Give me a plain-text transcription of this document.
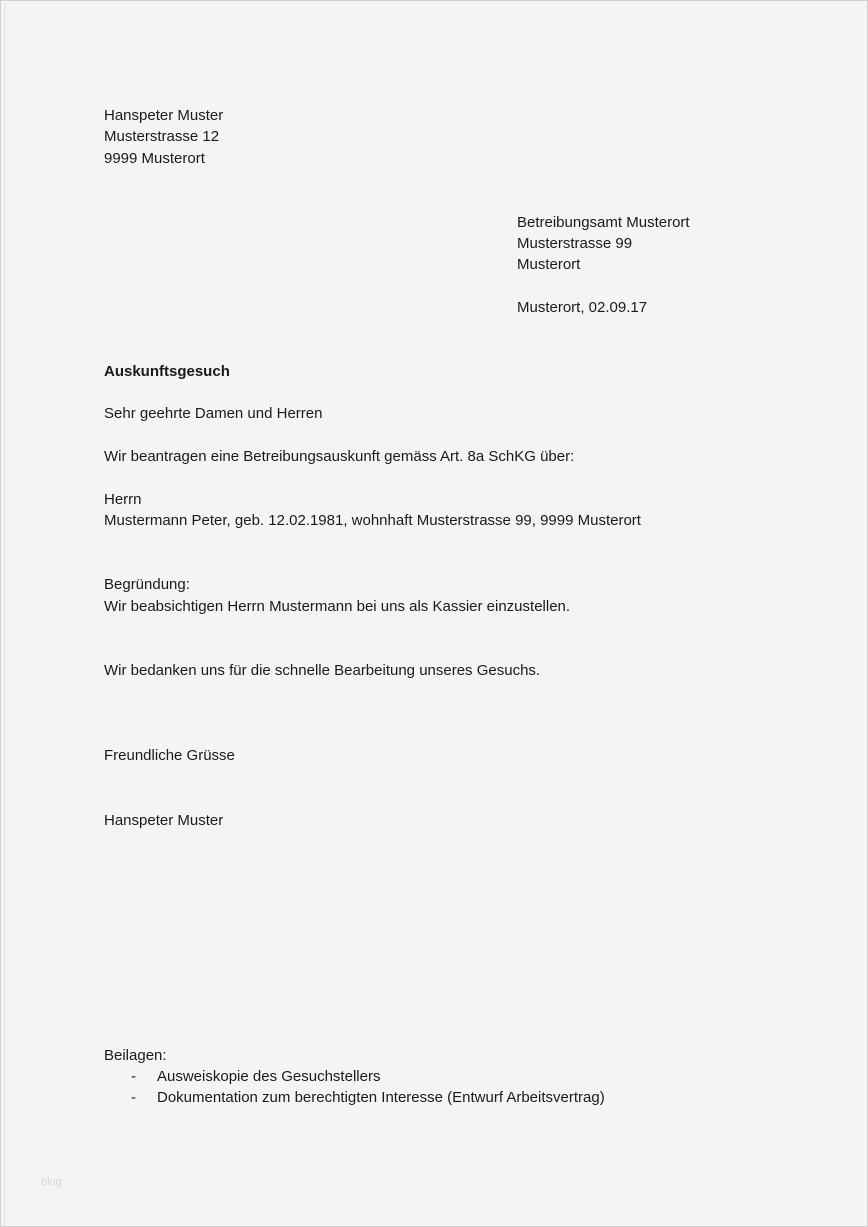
Hanspeter Muster
Musterstrasse 12
9999 Musterort
Betreibungsamt Musterort
Musterstrasse 99
Musterort
Musterort, 02.09.17
Auskunftsgesuch
Sehr geehrte Damen und Herren
Wir beantragen eine Betreibungsauskunft gemäss Art. 8a SchKG über:
Herrn
Mustermann Peter, geb. 12.02.1981, wohnhaft Musterstrasse 99, 9999 Musterort
Begründung:
Wir beabsichtigen Herrn Mustermann bei uns als Kassier einzustellen.
Wir bedanken uns für die schnelle Bearbeitung unseres Gesuchs.
Freundliche Grüsse
Hanspeter Muster
Beilagen:
- Ausweiskopie des Gesuchstellers
- Dokumentation zum berechtigten Interesse (Entwurf Arbeitsvertrag)
blog
